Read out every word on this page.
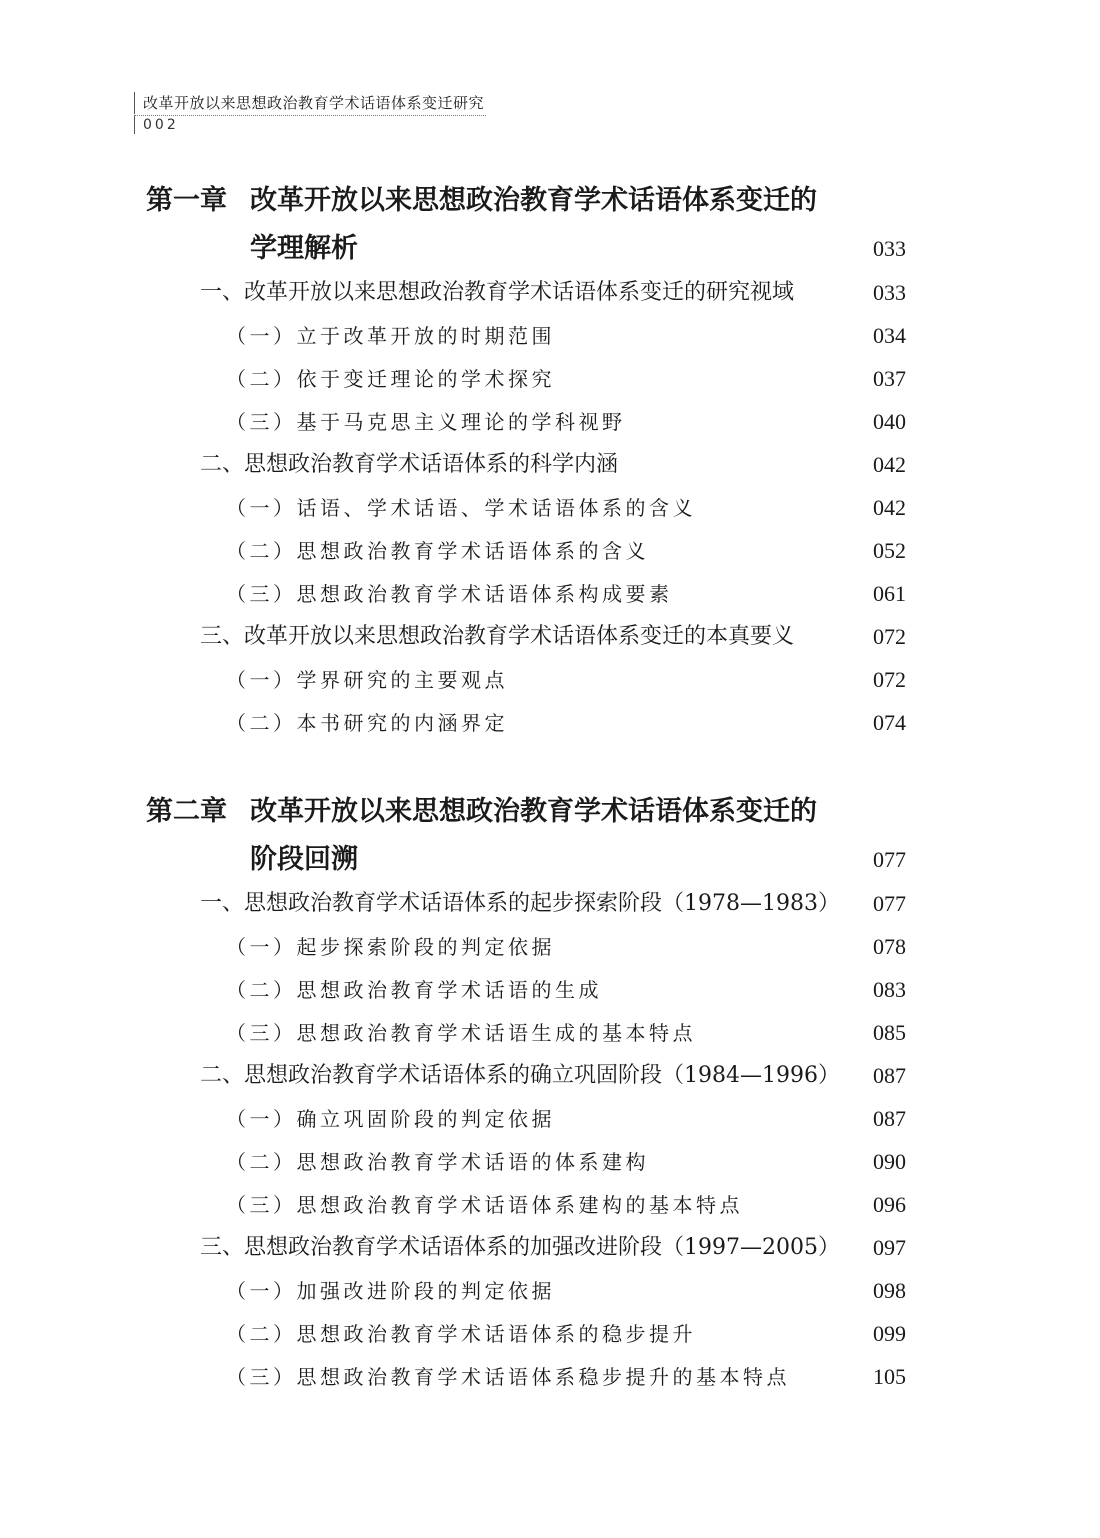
改革开放以来思想政治教育学术话语体系变迁研究
002
第一章 改革开放以来思想政治教育学术话语体系变迁的
学理解析	033
一、改革开放以来思想政治教育学术话语体系变迁的研究视域	033
（一）立于改革开放的时期范围	034
（二）依于变迁理论的学术探究	037
（三）基于马克思主义理论的学科视野	040
二、思想政治教育学术话语体系的科学内涵	042
（一）话语、学术话语、学术话语体系的含义	042
（二）思想政治教育学术话语体系的含义	052
（三）思想政治教育学术话语体系构成要素	061
三、改革开放以来思想政治教育学术话语体系变迁的本真要义	072
（一）学界研究的主要观点	072
（二）本书研究的内涵界定	074
第二章 改革开放以来思想政治教育学术话语体系变迁的
阶段回溯	077
一、思想政治教育学术话语体系的起步探索阶段（1978—1983） 077
（一）起步探索阶段的判定依据	078
（二）思想政治教育学术话语的生成	083
（三）思想政治教育学术话语生成的基本特点	085
二、思想政治教育学术话语体系的确立巩固阶段（1984—1996） 087
（一）确立巩固阶段的判定依据	087
（二）思想政治教育学术话语的体系建构	090
（三）思想政治教育学术话语体系建构的基本特点	096
三、思想政治教育学术话语体系的加强改进阶段（1997—2005） 097
（一）加强改进阶段的判定依据	098
（二）思想政治教育学术话语体系的稳步提升	099
（三）思想政治教育学术话语体系稳步提升的基本特点	105
